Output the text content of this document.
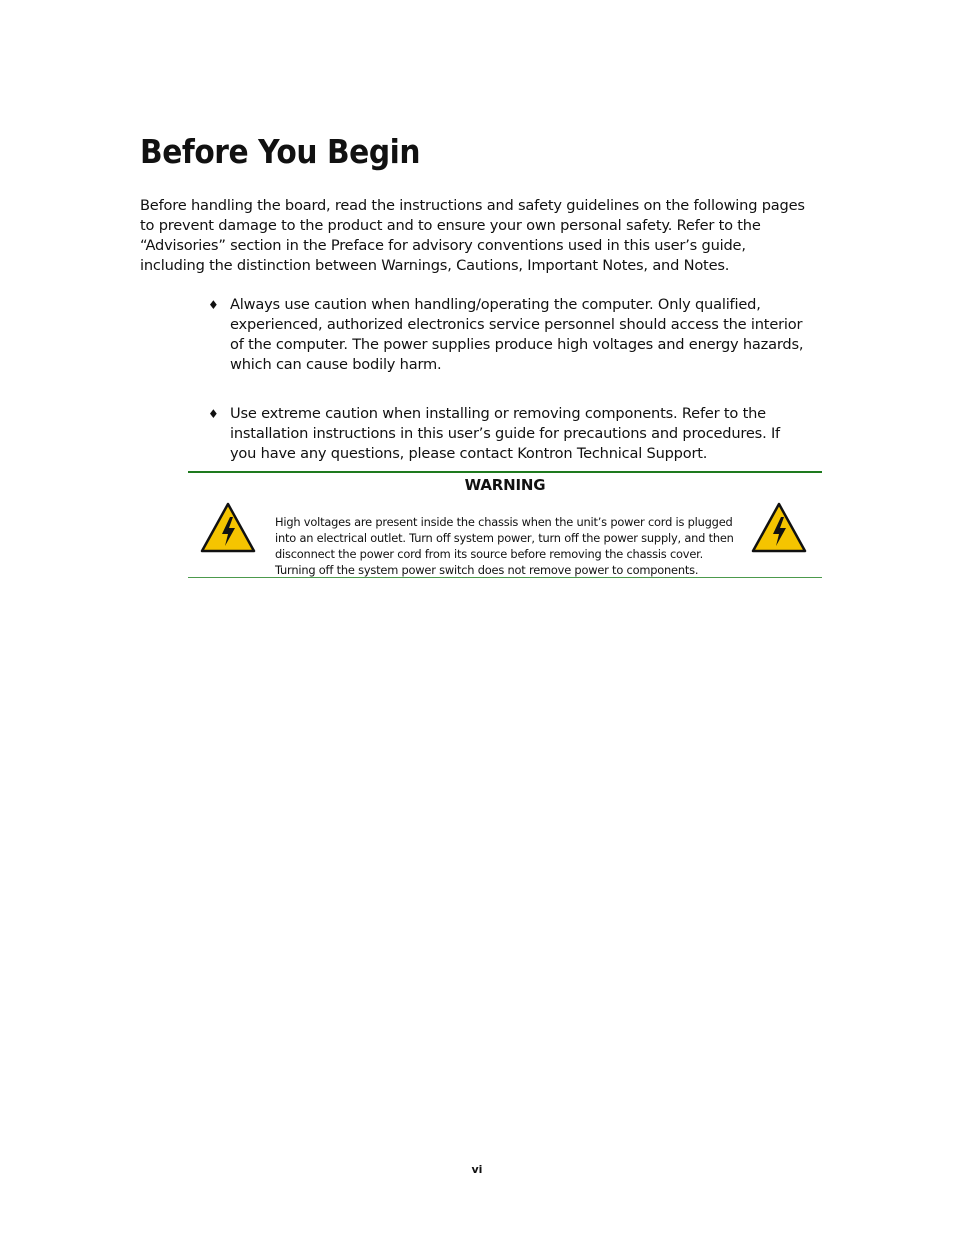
Before You Begin

Before handling the board, read the instructions and safety guidelines on the following pages to prevent damage to the product and to ensure your own personal safety. Refer to the “Advisories” section in the Preface for advisory conventions used in this user’s guide, including the distinction between Warnings, Cautions, Important Notes, and Notes.

♦ Always use caution when handling/operating the computer. Only qualified, experienced, authorized electronics service personnel should access the interior of the computer. The power supplies produce high voltages and energy hazards, which can cause bodily harm.
♦ Use extreme caution when installing or removing components. Refer to the installation instructions in this user’s guide for precautions and procedures. If you have any questions, please contact Kontron Technical Support.
WARNING

High voltages are present inside the chassis when the unit’s power cord is plugged into an electrical outlet. Turn off system power, turn off the power supply, and then disconnect the power cord from its source before removing the chassis cover. Turning off the system power switch does not remove power to components.

vi
